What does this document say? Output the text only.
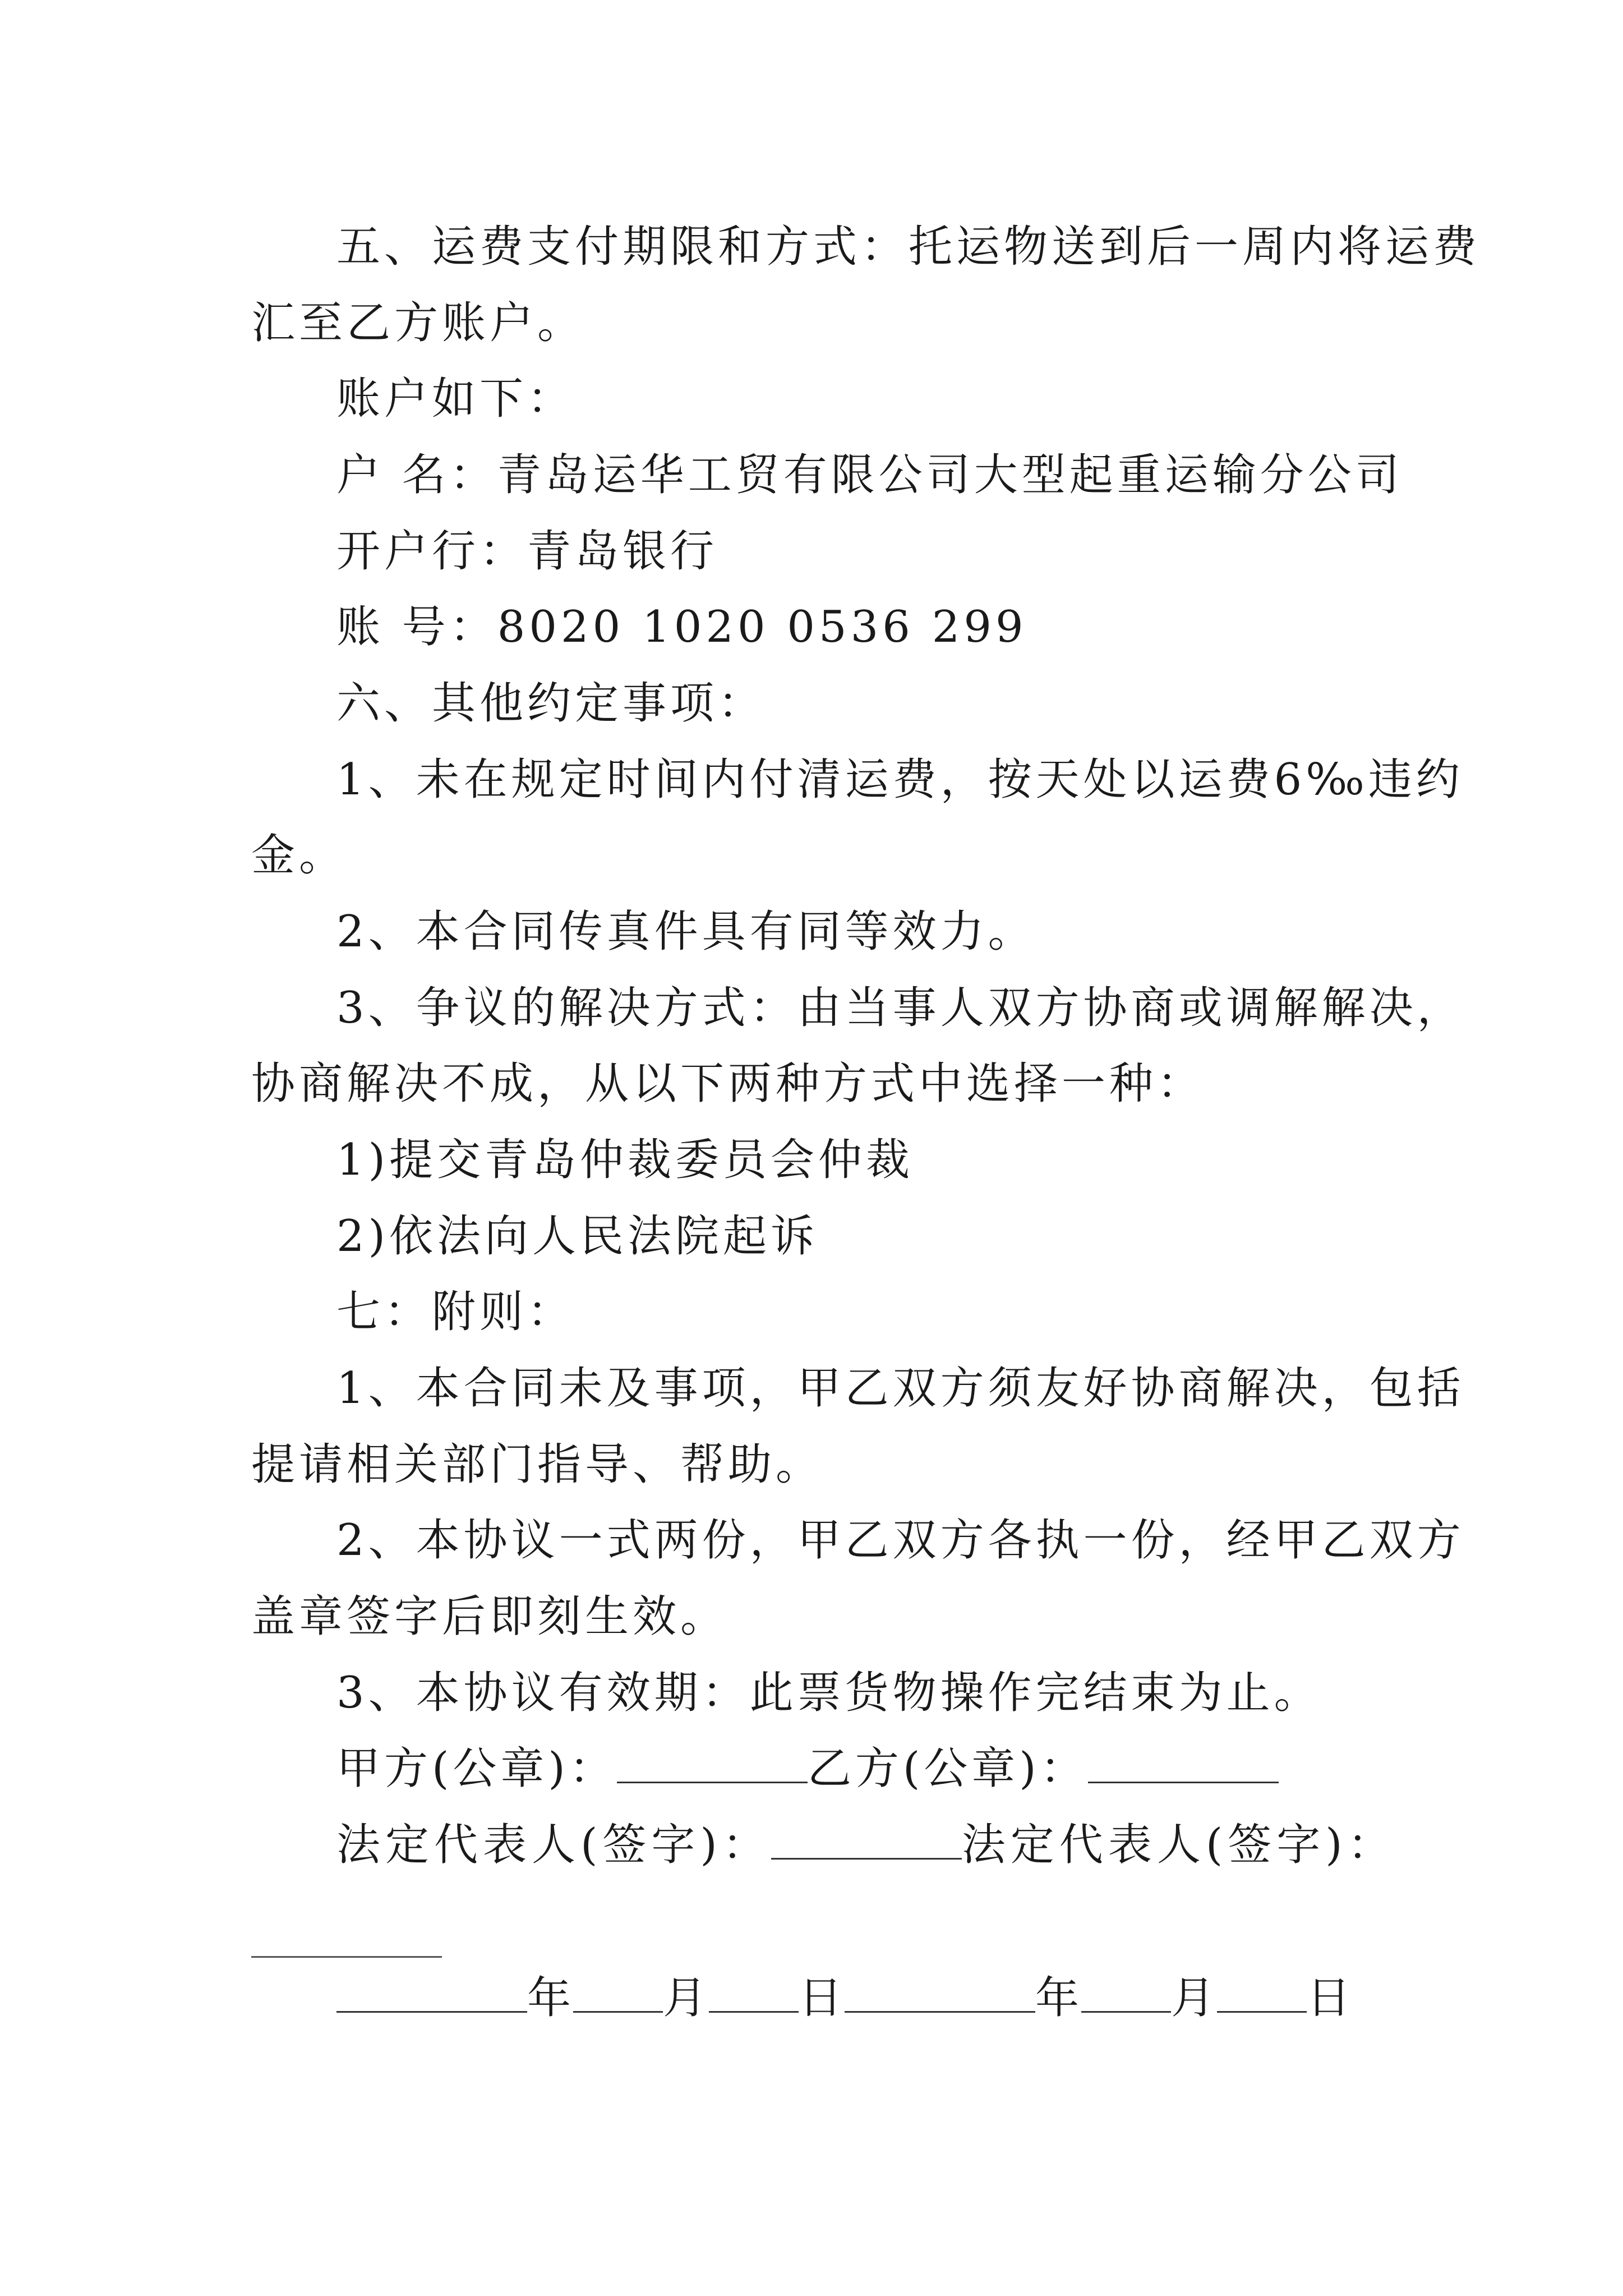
五、运费支付期限和方式：托运物送到后一周内将运费
汇至乙方账户。
账户如下：
户 名：青岛运华工贸有限公司大型起重运输分公司
开户行：青岛银行
账 号：8020 1020 0536 299
六、其他约定事项：
1、未在规定时间内付清运费，按天处以运费6‰违约
金。
2、本合同传真件具有同等效力。
3、争议的解决方式：由当事人双方协商或调解解决，
协商解决不成，从以下两种方式中选择一种：
1)提交青岛仲裁委员会仲裁
2)依法向人民法院起诉
七：附则：
1、本合同未及事项，甲乙双方须友好协商解决，包括
提请相关部门指导、帮助。
2、本协议一式两份，甲乙双方各执一份，经甲乙双方
盖章签字后即刻生效。
3、本协议有效期：此票货物操作完结束为止。
甲方(公章)：	乙方(公章)：
法定代表人(签字)：	法定代表人(签字)：
年 月 日	年 月 日
